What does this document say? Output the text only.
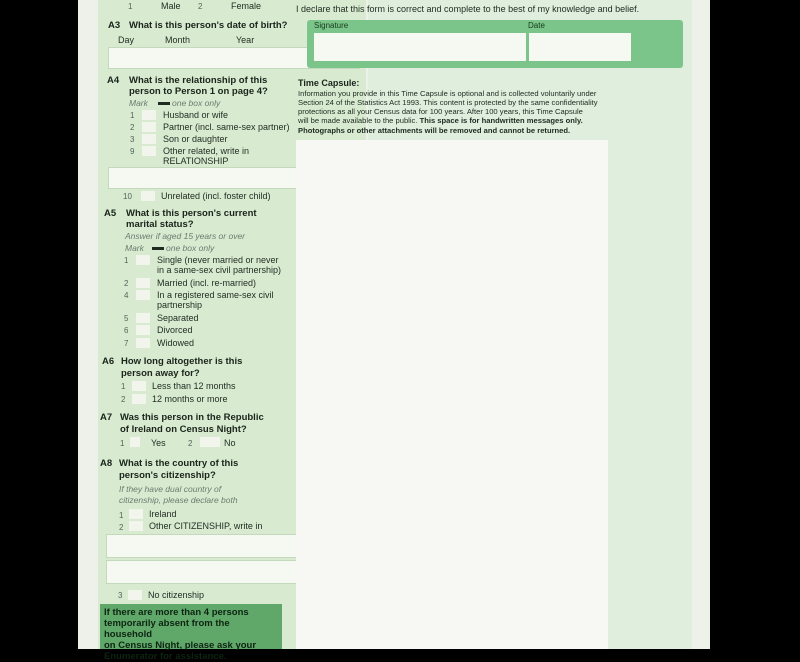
1	Male 2	Female
A3 What is this person's date of birth?
Day	Month	Year
A4 What is the relationship of this
person to Person 1 on page 4?
Mark	one box only
1	Husband or wife
2	Partner (incl. same-sex partner)
3	Son or daughter
9	Other related, write in
RELATIONSHIP
10	Unrelated (incl. foster child)
A5 What is this person's current
marital status?
Answer if aged 15 years or over
Mark	one box only
1	Single (never married or never
in a same-sex civil partnership)
2	Married (incl. re-married)
4	In a registered same-sex civil
partnership
5	Separated
6	Divorced
7	Widowed
A6 How long altogether is this
person away for?
1	Less than 12 months
2	12 months or more
A7 Was this person in the Republic
of Ireland on Census Night?
1	Yes	2	No
A8 What is the country of this
person's citizenship?
If they have dual country of
citizenship, please declare both
1	Ireland
2	Other CITIZENSHIP, write in
3	No citizenship
If there are more than 4 persons
temporarily absent from the household
on Census Night, please ask your
Enumerator for assistance.
I declare that this form is correct and complete to the best of my knowledge and belief.
Signature	Date
Time Capsule:
Information you provide in this Time Capsule is optional and is collected voluntarily under
Section 24 of the Statistics Act 1993. This content is protected by the same confidentiality
protections as all your Census data for 100 years. After 100 years, this Time Capsule
will be made available to the public. This space is for handwritten messages only.
Photographs or other attachments will be removed and cannot be returned.
